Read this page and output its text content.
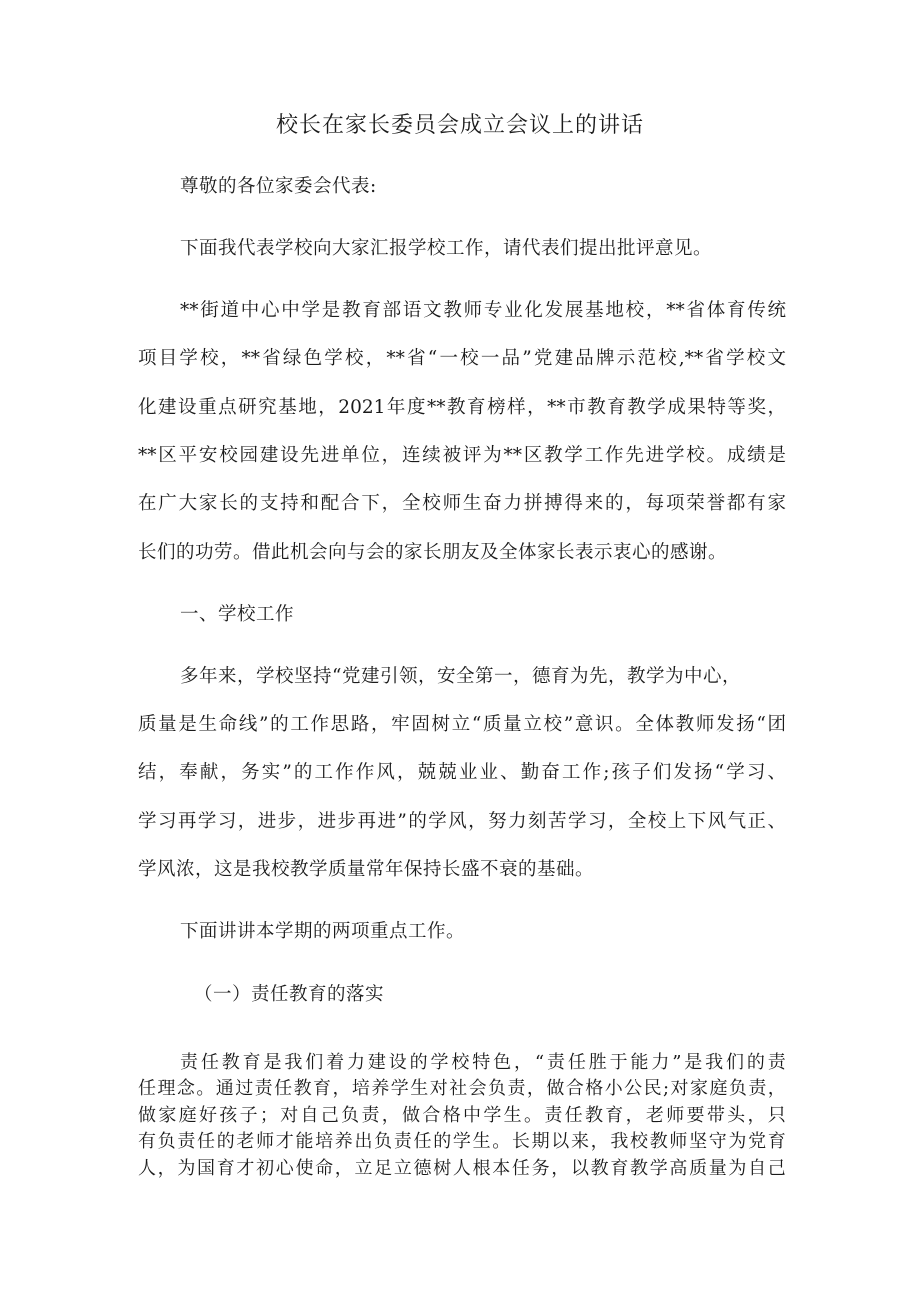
校长在家长委员会成立会议上的讲话
尊敬的各位家委会代表:
下面我代表学校向大家汇报学校工作，请代表们提出批评意见。
**街道中心中学是教育部语文教师专业化发展基地校，**省体育传统
项目学校，**省绿色学校，**省“一校一品”党建品牌示范校,**省学校文
化建设重点研究基地，2021年度**教育榜样，**市教育教学成果特等奖，
**区平安校园建设先进单位，连续被评为**区教学工作先进学校。成绩是
在广大家长的支持和配合下，全校师生奋力拼搏得来的，每项荣誉都有家
长们的功劳。借此机会向与会的家长朋友及全体家长表示衷心的感谢。
一、学校工作
多年来，学校坚持“党建引领，安全第一，德育为先，教学为中心，
质量是生命线”的工作思路，牢固树立“质量立校”意识。全体教师发扬“团
结，奉献，务实”的工作作风，兢兢业业、勤奋工作;孩子们发扬“学习、
学习再学习，进步，进步再进”的学风，努力刻苦学习，全校上下风气正、
学风浓，这是我校教学质量常年保持长盛不衰的基础。
下面讲讲本学期的两项重点工作。
（一）责任教育的落实
责任教育是我们着力建设的学校特色，“责任胜于能力”是我们的责
任理念。通过责任教育，培养学生对社会负责，做合格小公民;对家庭负责，
做家庭好孩子；对自己负责，做合格中学生。责任教育，老师要带头，只
有负责任的老师才能培养出负责任的学生。长期以来，我校教师坚守为党育
人，为国育才初心使命，立足立德树人根本任务，以教育教学高质量为自己
